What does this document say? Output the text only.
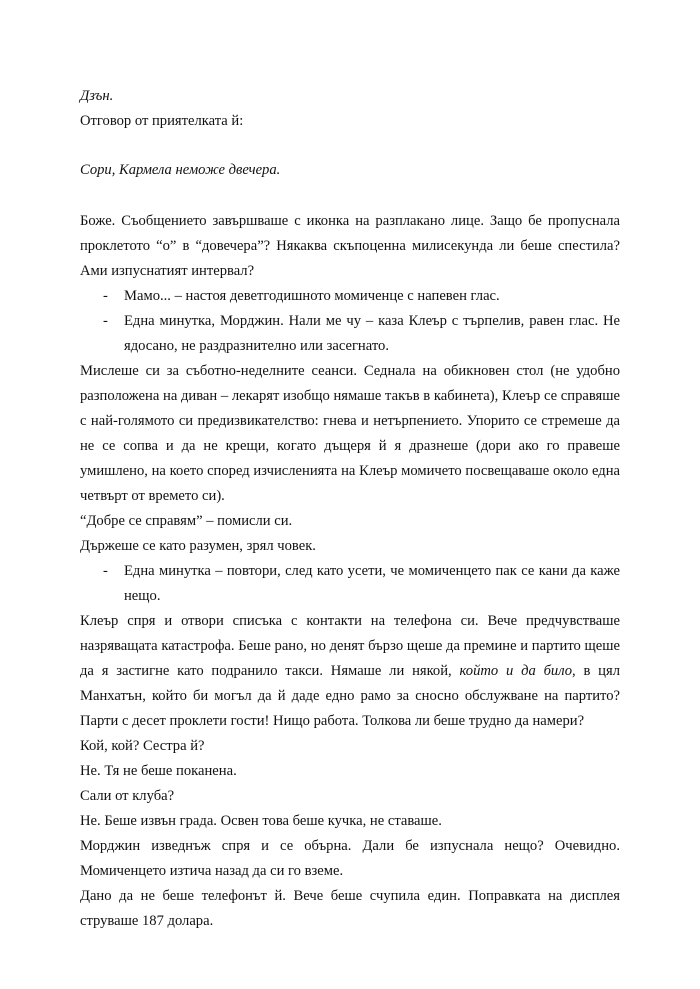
Дзън.

Отговор от приятелката й:

Сори, Кармела неможе двечера.

Боже. Съобщението завършваше с иконка на разплакано лице. Защо бе пропуснала проклетото “о” в “довечера”? Някаква скъпоценна милисекунда ли беше спестила? Ами изпуснатият интервал?

- Мамо... – настоя деветгодишното момиченце с напевен глас.

- Една минутка, Морджин. Нали ме чу – каза Клеър с търпелив, равен глас. Не ядосано, не раздразнително или засегнато.

Мислеше си за съботно-неделните сеанси. Седнала на обикновен стол (не удобно разположена на диван – лекарят изобщо нямаше такъв в кабинета), Клеър се справяше с най-голямото си предизвикателство: гнева и нетърпението. Упорито се стремеше да не се сопва и да не крещи, когато дъщеря й я дразнеше (дори ако го правеше умишлено, на което според изчисленията на Клеър момичето посвещаваше около една четвърт от времето си).

“Добре се справям” – помисли си.

Държеше се като разумен, зрял човек.

- Една минутка – повтори, след като усети, че момиченцето пак се кани да каже нещо.

Клеър спря и отвори списъка с контакти на телефона си. Вече предчувстваше назряващата катастрофа. Беше рано, но денят бързо щеше да премине и партито щеше да я застигне като подранило такси. Нямаше ли някой, който и да било, в цял Манхатън, който би могъл да й даде едно рамо за сносно обслужване на партито? Парти с десет проклети гости! Нищо работа. Толкова ли беше трудно да намери?

Кой, кой? Сестра й?

Не. Тя не беше поканена.

Сали от клуба?

Не. Беше извън града. Освен това беше кучка, не ставаше.

Морджин изведнъж спря и се обърна. Дали бе изпуснала нещо? Очевидно. Момиченцето изтича назад да си го вземе.

Дано да не беше телефонът й. Вече беше счупила един. Поправката на дисплея струваше 187 долара.
